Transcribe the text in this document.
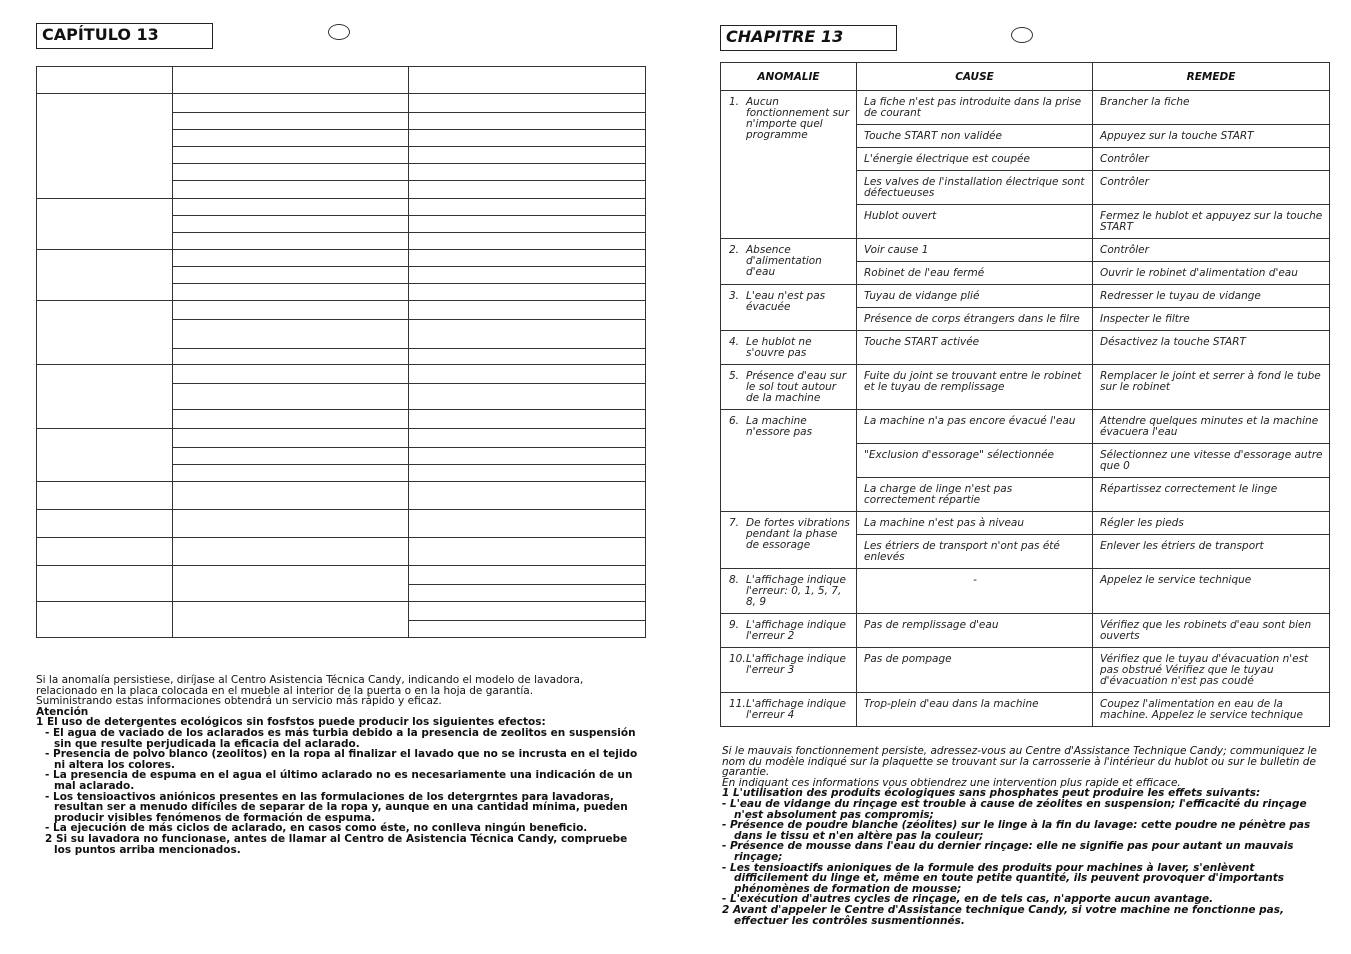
CAPÍTULO 13

Si la anomalía persistiese, diríjase al Centro Asistencia Técnica Candy, indicando el modelo de lavadora,

relacionado en la placa colocada en el mueble al interior de la puerta o en la hoja de garantía.

Suministrando estas informaciones obtendrá un servicio más rápido y eficaz.

Atención

1 El uso de detergentes ecológicos sin fosfstos puede producir los siguientes efectos:

- El agua de vaciado de los aclarados es más turbia debido a la presencia de zeolitos en suspensión sin que resulte perjudicada la eficacia del aclarado.

- Presencia de polvo blanco (zeolitos) en la ropa al finalizar el lavado que no se incrusta en el tejido ni altera los colores.

- La presencia de espuma en el agua el último aclarado no es necesariamente una indicación de un mal aclarado.

- Los tensioactivos aniónicos presentes en las formulaciones de los detergrntes para lavadoras, resultan ser a menudo difíciles de separar de la ropa y, aunque en una cantidad mínima, pueden producir visibles fenómenos de formación de espuma.

- La ejecución de más ciclos de aclarado, en casos como éste, no conlleva ningún beneficio.

2 Si su lavadora no funcionase, antes de llamar al Centro de Asistencia Técnica Candy, compruebe los puntos arriba mencionados.

CHAPITRE 13
ANOMALIE	CAUSE	REMEDE

1. Aucun fonctionnement sur n'importe quel programme	La fiche n'est pas introduite dans la prise de courant	Brancher la fiche
	Touche START non validée	Appuyez sur la touche START
	L'énergie électrique est coupée	Contrôler
	Les valves de l'installation électrique sont défectueuses	Contrôler
	Hublot ouvert	Fermez le hublot et appuyez sur la touche START

2. Absence d'alimentation d'eau	Voir cause 1	Contrôler
	Robinet de l'eau fermé	Ouvrir le robinet d'alimentation d'eau

3. L'eau n'est pas évacuée	Tuyau de vidange plié	Redresser le tuyau de vidange
	Présence de corps étrangers dans le filre	Inspecter le filtre

4. Le hublot ne s'ouvre pas	Touche START activée	Désactivez la touche START

5. Présence d'eau sur le sol tout autour de la machine	Fuite du joint se trouvant entre le robinet et le tuyau de remplissage	Remplacer le joint et serrer à fond le tube sur le robinet

6. La machine n'essore pas	La machine n'a pas encore évacué l'eau	Attendre quelques minutes et la machine évacuera l'eau
	"Exclusion d'essorage" sélectionnée	Sélectionnez une vitesse d'essorage autre que 0
	La charge de linge n'est pas correctement répartie	Répartissez correctement le linge

7. De fortes vibrations pendant la phase de essorage	La machine n'est pas à niveau	Régler les pieds
	Les étriers de transport n'ont pas été enlevés	Enlever les étriers de transport

8. L'affichage indique l'erreur: 0, 1, 5, 7, 8, 9	-	Appelez le service technique

9. L'affichage indique l'erreur 2	Pas de remplissage d'eau	Vérifiez que les robinets d'eau sont bien ouverts

10. L'affichage indique l'erreur 3	Pas de pompage	Vérifiez que le tuyau d'évacuation n'est pas obstrué Vérifiez que le tuyau d'évacuation n'est pas coudé

11. L'affichage indique l'erreur 4	Trop-plein d'eau dans la machine	Coupez l'alimentation en eau de la machine. Appelez le service technique

Si le mauvais fonctionnement persiste, adressez-vous au Centre d'Assistance Technique Candy; communiquez le nom du modèle indiqué sur la plaquette se trouvant sur la carrosserie à l'intérieur du hublot ou sur le bulletin de garantie.

En indiquant ces informations vous obtiendrez une intervention plus rapide et efficace.

1 L'utilisation des produits écologiques sans phosphates peut produire les effets suivants:

- L'eau de vidange du rinçage est trouble à cause de zéolites en suspension; l'efficacité du rinçage n'est absolument pas compromis;

- Présence de poudre blanche (zéolites) sur le linge à la fin du lavage: cette poudre ne pénètre pas dans le tissu et n'en altère pas la couleur;

- Présence de mousse dans l'eau du dernier rinçage: elle ne signifie pas pour autant un mauvais rinçage;

- Les tensioactifs anioniques de la formule des produits pour machines à laver, s'enlèvent difficilement du linge et, même en toute petite quantité, ils peuvent provoquer d'importants phénomènes de formation de mousse;

- L'exécution d'autres cycles de rinçage, en de tels cas, n'apporte aucun avantage.

2 Avant d'appeler le Centre d'Assistance technique Candy, si votre machine ne fonctionne pas, effectuer les contrôles susmentionnés.
